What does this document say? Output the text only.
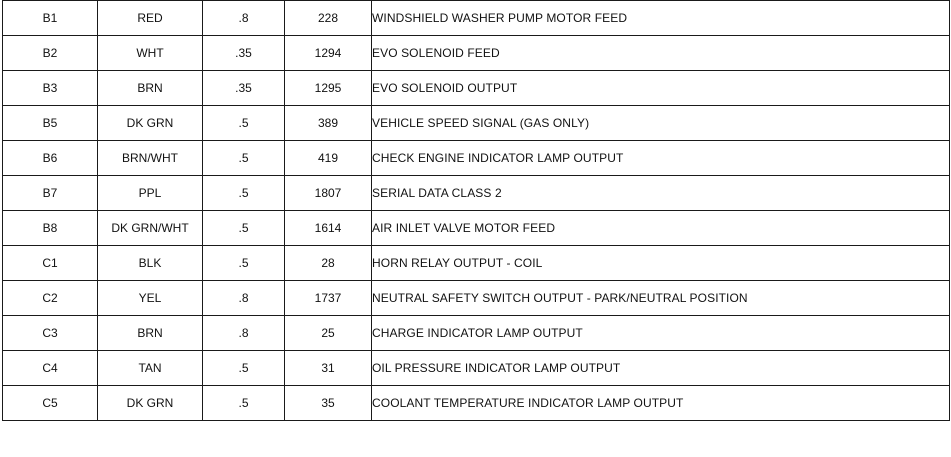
B1	RED	.8	228	WINDSHIELD WASHER PUMP MOTOR FEED
B2	WHT	.35	1294	EVO SOLENOID FEED
B3	BRN	.35	1295	EVO SOLENOID OUTPUT
B5	DK GRN	.5	389	VEHICLE SPEED SIGNAL (GAS ONLY)
B6	BRN/WHT	.5	419	CHECK ENGINE INDICATOR LAMP OUTPUT
B7	PPL	.5	1807	SERIAL DATA CLASS 2
B8	DK GRN/WHT	.5	1614	AIR INLET VALVE MOTOR FEED
C1	BLK	.5	28	HORN RELAY OUTPUT - COIL
C2	YEL	.8	1737	NEUTRAL SAFETY SWITCH OUTPUT - PARK/NEUTRAL POSITION
C3	BRN	.8	25	CHARGE INDICATOR LAMP OUTPUT
C4	TAN	.5	31	OIL PRESSURE INDICATOR LAMP OUTPUT
C5	DK GRN	.5	35	COOLANT TEMPERATURE INDICATOR LAMP OUTPUT
